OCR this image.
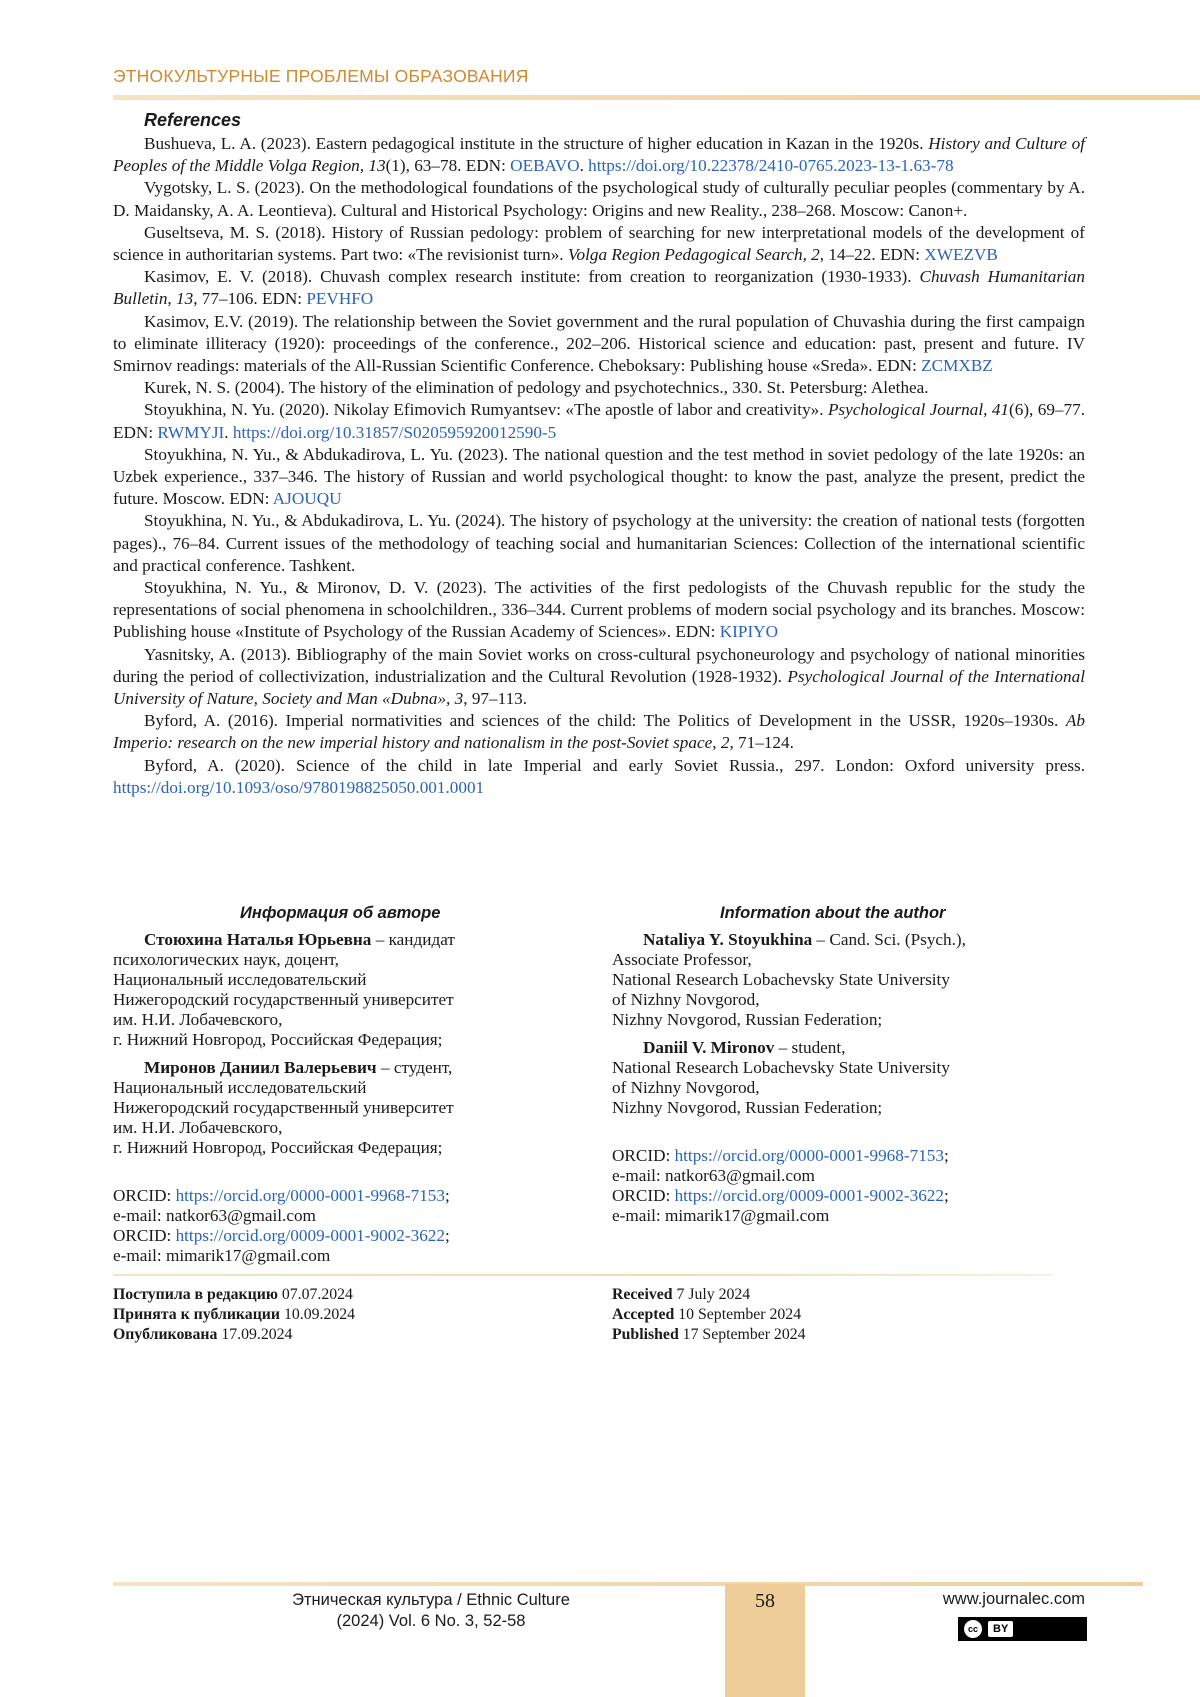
ЭТНОКУЛЬТУРНЫЕ ПРОБЛЕМЫ ОБРАЗОВАНИЯ
References

Bushueva, L. A. (2023). Eastern pedagogical institute in the structure of higher education in Kazan in the 1920s. History and Culture of Peoples of the Middle Volga Region, 13(1), 63–78. EDN: OEBAVO. https://doi.org/10.22378/2410-0765.2023-13-1.63-78

Vygotsky, L. S. (2023). On the methodological foundations of the psychological study of culturally peculiar peoples (commentary by A. D. Maidansky, A. A. Leontieva). Cultural and Historical Psychology: Origins and new Reality., 238–268. Moscow: Canon+.

Guseltseva, M. S. (2018). History of Russian pedology: problem of searching for new interpretational models of the development of science in authoritarian systems. Part two: «The revisionist turn». Volga Region Pedagogical Search, 2, 14–22. EDN: XWEZVB

Kasimov, E. V. (2018). Chuvash complex research institute: from creation to reorganization (1930-1933). Chuvash Humanitarian Bulletin, 13, 77–106. EDN: PEVHFO

Kasimov, E.V. (2019). The relationship between the Soviet government and the rural population of Chuvashia during the first campaign to eliminate illiteracy (1920): proceedings of the conference., 202–206. Historical science and education: past, present and future. IV Smirnov readings: materials of the All-Russian Scientific Conference. Cheboksary: Publishing house «Sreda». EDN: ZCMXBZ

Kurek, N. S. (2004). The history of the elimination of pedology and psychotechnics., 330. St. Petersburg: Alethea.

Stoyukhina, N. Yu. (2020). Nikolay Efimovich Rumyantsev: «The apostle of labor and creativity». Psychological Journal, 41(6), 69–77. EDN: RWMYJI. https://doi.org/10.31857/S020595920012590-5

Stoyukhina, N. Yu., & Abdukadirova, L. Yu. (2023). The national question and the test method in soviet pedology of the late 1920s: an Uzbek experience., 337–346. The history of Russian and world psychological thought: to know the past, analyze the present, predict the future. Moscow. EDN: AJOUQU

Stoyukhina, N. Yu., & Abdukadirova, L. Yu. (2024). The history of psychology at the university: the creation of national tests (forgotten pages)., 76–84. Current issues of the methodology of teaching social and humanitarian Sciences: Collection of the international scientific and practical conference. Tashkent.

Stoyukhina, N. Yu., & Mironov, D. V. (2023). The activities of the first pedologists of the Chuvash republic for the study the representations of social phenomena in schoolchildren., 336–344. Current problems of modern social psychology and its branches. Moscow: Publishing house «Institute of Psychology of the Russian Academy of Sciences». EDN: KIPIYO

Yasnitsky, A. (2013). Bibliography of the main Soviet works on cross-cultural psychoneurology and psychology of national minorities during the period of collectivization, industrialization and the Cultural Revolution (1928-1932). Psychological Journal of the International University of Nature, Society and Man «Dubna», 3, 97–113.

Byford, A. (2016). Imperial normativities and sciences of the child: The Politics of Development in the USSR, 1920s–1930s. Ab Imperio: research on the new imperial history and nationalism in the post-Soviet space, 2, 71–124.

Byford, A. (2020). Science of the child in late Imperial and early Soviet Russia., 297. London: Oxford university press. https://doi.org/10.1093/oso/9780198825050.001.0001

Информация об авторе	Information about the author

Стоюхина Наталья Юрьевна – кандидат

психологических наук, доцент,

Национальный исследовательский

Нижегородский государственный университет

им. Н.И. Лобачевского,

г. Нижний Новгород, Российская Федерация;

Миронов Даниил Валерьевич – студент,

Национальный исследовательский

Нижегородский государственный университет

им. Н.И. Лобачевского,

г. Нижний Новгород, Российская Федерация;

ORCID: https://orcid.org/0000-0001-9968-7153;

e-mail: natkor63@gmail.com

ORCID: https://orcid.org/0009-0001-9002-3622;

e-mail: mimarik17@gmail.com

Nataliya Y. Stoyukhina – Cand. Sci. (Psych.),

Associate Professor,

National Research Lobachevsky State University

of Nizhny Novgorod,

Nizhny Novgorod, Russian Federation;

Daniil V. Mironov – student,

National Research Lobachevsky State University

of Nizhny Novgorod,

Nizhny Novgorod, Russian Federation;

ORCID: https://orcid.org/0000-0001-9968-7153;

e-mail: natkor63@gmail.com

ORCID: https://orcid.org/0009-0001-9002-3622;

e-mail: mimarik17@gmail.com

Поступила в редакцию 07.07.2024

Принята к публикации 10.09.2024

Опубликована 17.09.2024

Received 7 July 2024

Accepted 10 September 2024

Published 17 September 2024

58
Этническая культура / Ethnic Culture
(2024) Vol. 6 No. 3, 52-58
www.journalec.com
cc	BY
